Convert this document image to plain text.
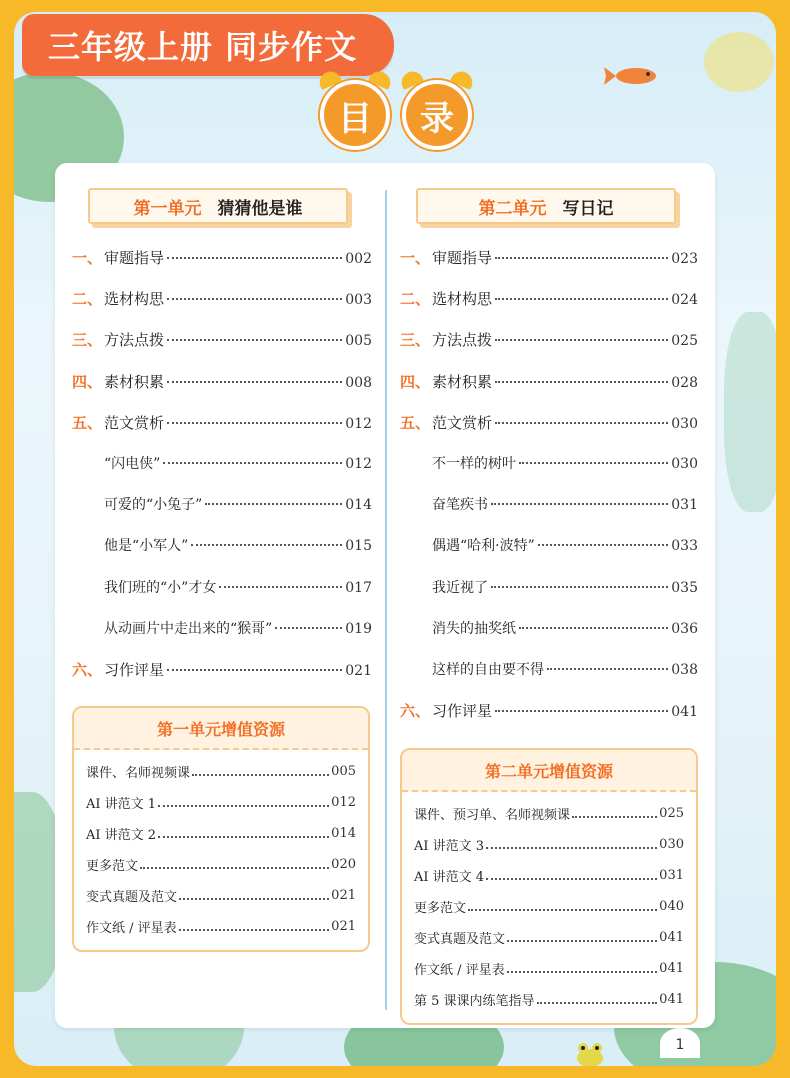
三年级上册 同步作文
目 录
第一单元 猜猜他是谁
一、 审题指导	002
二、 选材构思	003
三、 方法点拨	005
四、 素材积累	008
五、 范文赏析	012
“闪电侠”	012
可爱的“小兔子”	014
他是“小军人”	015
我们班的“小”才女	017
从动画片中走出来的“猴哥”	019
六、 习作评星	021
第一单元增值资源
课件、名师视频课	005
AI 讲范文 1	012
AI 讲范文 2	014
更多范文	020
变式真题及范文	021
作文纸 / 评星表	021
第二单元 写日记
一、 审题指导	023
二、 选材构思	024
三、 方法点拨	025
四、 素材积累	028
五、 范文赏析	030
不一样的树叶	030
奋笔疾书	031
偶遇“哈利·波特”	033
我近视了	035
消失的抽奖纸	036
这样的自由要不得	038
六、 习作评星	041
第二单元增值资源
课件、预习单、名师视频课	025
AI 讲范文 3	030
AI 讲范文 4	031
更多范文	040
变式真题及范文	041
作文纸 / 评星表	041
第 5 课课内练笔指导	041
1
